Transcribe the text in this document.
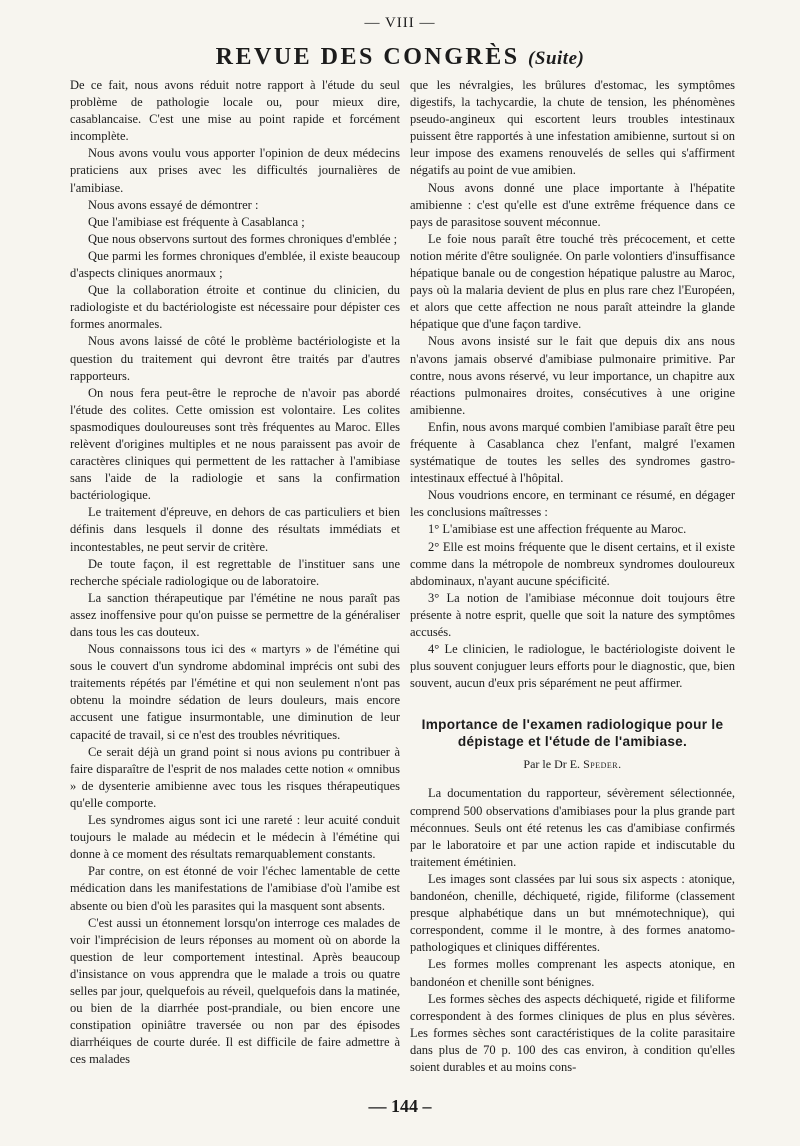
— VIII —
REVUE DES CONGRÈS (Suite)

De ce fait, nous avons réduit notre rapport à l'étude du seul problème de pathologie locale ou, pour mieux dire, casablancaise. C'est une mise au point rapide et forcément incomplète.

Nous avons voulu vous apporter l'opinion de deux médecins praticiens aux prises avec les difficultés journalières de l'amibiase.

Nous avons essayé de démontrer :

Que l'amibiase est fréquente à Casablanca ;

Que nous observons surtout des formes chroniques d'emblée ;

Que parmi les formes chroniques d'emblée, il existe beaucoup d'aspects cliniques anormaux ;

Que la collaboration étroite et continue du clinicien, du radiologiste et du bactériologiste est nécessaire pour dépister ces formes anormales.

Nous avons laissé de côté le problème bactériologiste et la question du traitement qui devront être traités par d'autres rapporteurs.

On nous fera peut-être le reproche de n'avoir pas abordé l'étude des colites. Cette omission est volontaire. Les colites spasmodiques douloureuses sont très fréquentes au Maroc. Elles relèvent d'origines multiples et ne nous paraissent pas avoir de caractères cliniques qui permettent de les rattacher à l'amibiase sans l'aide de la radiologie et sans la confirmation bactériologique.

Le traitement d'épreuve, en dehors de cas particuliers et bien définis dans lesquels il donne des résultats immédiats et incontestables, ne peut servir de critère.

De toute façon, il est regrettable de l'instituer sans une recherche spéciale radiologique ou de laboratoire.

La sanction thérapeutique par l'émétine ne nous paraît pas assez inoffensive pour qu'on puisse se permettre de la généraliser dans tous les cas douteux.

Nous connaissons tous ici des « martyrs » de l'émétine qui sous le couvert d'un syndrome abdominal imprécis ont subi des traitements répétés par l'émétine et qui non seulement n'ont pas obtenu la moindre sédation de leurs douleurs, mais encore accusent une fatigue insurmontable, une diminution de leur capacité de travail, si ce n'est des troubles névritiques.

Ce serait déjà un grand point si nous avions pu contribuer à faire disparaître de l'esprit de nos malades cette notion « omnibus » de dysenterie amibienne avec tous les risques thérapeutiques qu'elle comporte.

Les syndromes aigus sont ici une rareté : leur acuité conduit toujours le malade au médecin et le médecin à l'émétine qui donne à ce moment des résultats remarquablement constants.

Par contre, on est étonné de voir l'échec lamentable de cette médication dans les manifestations de l'amibiase d'où l'amibe est absente ou bien d'où les parasites qui la masquent sont absents.

C'est aussi un étonnement lorsqu'on interroge ces malades de voir l'imprécision de leurs réponses au moment où on aborde la question de leur comportement intestinal. Après beaucoup d'insistance on vous apprendra que le malade a trois ou quatre selles par jour, quelquefois au réveil, quelquefois dans la matinée, ou bien de la diarrhée post-prandiale, ou bien encore une constipation opiniâtre traversée ou non par des épisodes diarrhéiques de courte durée. Il est difficile de faire admettre à ces malades

que les névralgies, les brûlures d'estomac, les symptômes digestifs, la tachycardie, la chute de tension, les phénomènes pseudo-angineux qui escortent leurs troubles intestinaux puissent être rapportés à une infestation amibienne, surtout si on leur impose des examens renouvelés de selles qui s'affirment négatifs au point de vue amibien.

Nous avons donné une place importante à l'hépatite amibienne : c'est qu'elle est d'une extrême fréquence dans ce pays de parasitose souvent méconnue.

Le foie nous paraît être touché très précocement, et cette notion mérite d'être soulignée. On parle volontiers d'insuffisance hépatique banale ou de congestion hépatique palustre au Maroc, pays où la malaria devient de plus en plus rare chez l'Européen, et alors que cette affection ne nous paraît atteindre la glande hépatique que d'une façon tardive.

Nous avons insisté sur le fait que depuis dix ans nous n'avons jamais observé d'amibiase pulmonaire primitive. Par contre, nous avons réservé, vu leur importance, un chapitre aux réactions pulmonaires droites, consécutives à une origine amibienne.

Enfin, nous avons marqué combien l'amibiase paraît être peu fréquente à Casablanca chez l'enfant, malgré l'examen systématique de toutes les selles des syndromes gastro-intestinaux effectué à l'hôpital.

Nous voudrions encore, en terminant ce résumé, en dégager les conclusions maîtresses :

1° L'amibiase est une affection fréquente au Maroc.

2° Elle est moins fréquente que le disent certains, et il existe comme dans la métropole de nombreux syndromes douloureux abdominaux, n'ayant aucune spécificité.

3° La notion de l'amibiase méconnue doit toujours être présente à notre esprit, quelle que soit la nature des symptômes accusés.

4° Le clinicien, le radiologue, le bactériologiste doivent le plus souvent conjuguer leurs efforts pour le diagnostic, que, bien souvent, aucun d'eux pris séparément ne peut affirmer.

Importance de l'examen radiologique pour le dépistage et l'étude de l'amibiase.
Par le Dr E. Speder.

La documentation du rapporteur, sévèrement sélectionnée, comprend 500 observations d'amibiases pour la plus grande part méconnues. Seuls ont été retenus les cas d'amibiase confirmés par le laboratoire et par une action rapide et indiscutable du traitement émétinien.

Les images sont classées par lui sous six aspects : atonique, bandonéon, chenille, déchiqueté, rigide, filiforme (classement presque alphabétique dans un but mnémotechnique), qui correspondent, comme il le montre, à des formes anatomo-pathologiques et cliniques différentes.

Les formes molles comprenant les aspects atonique, en bandonéon et chenille sont bénignes.

Les formes sèches des aspects déchiqueté, rigide et filiforme correspondent à des formes cliniques de plus en plus sévères. Les formes sèches sont caractéristiques de la colite parasitaire dans plus de 70 p. 100 des cas environ, à condition qu'elles soient durables et au moins cons-

— 144 –
